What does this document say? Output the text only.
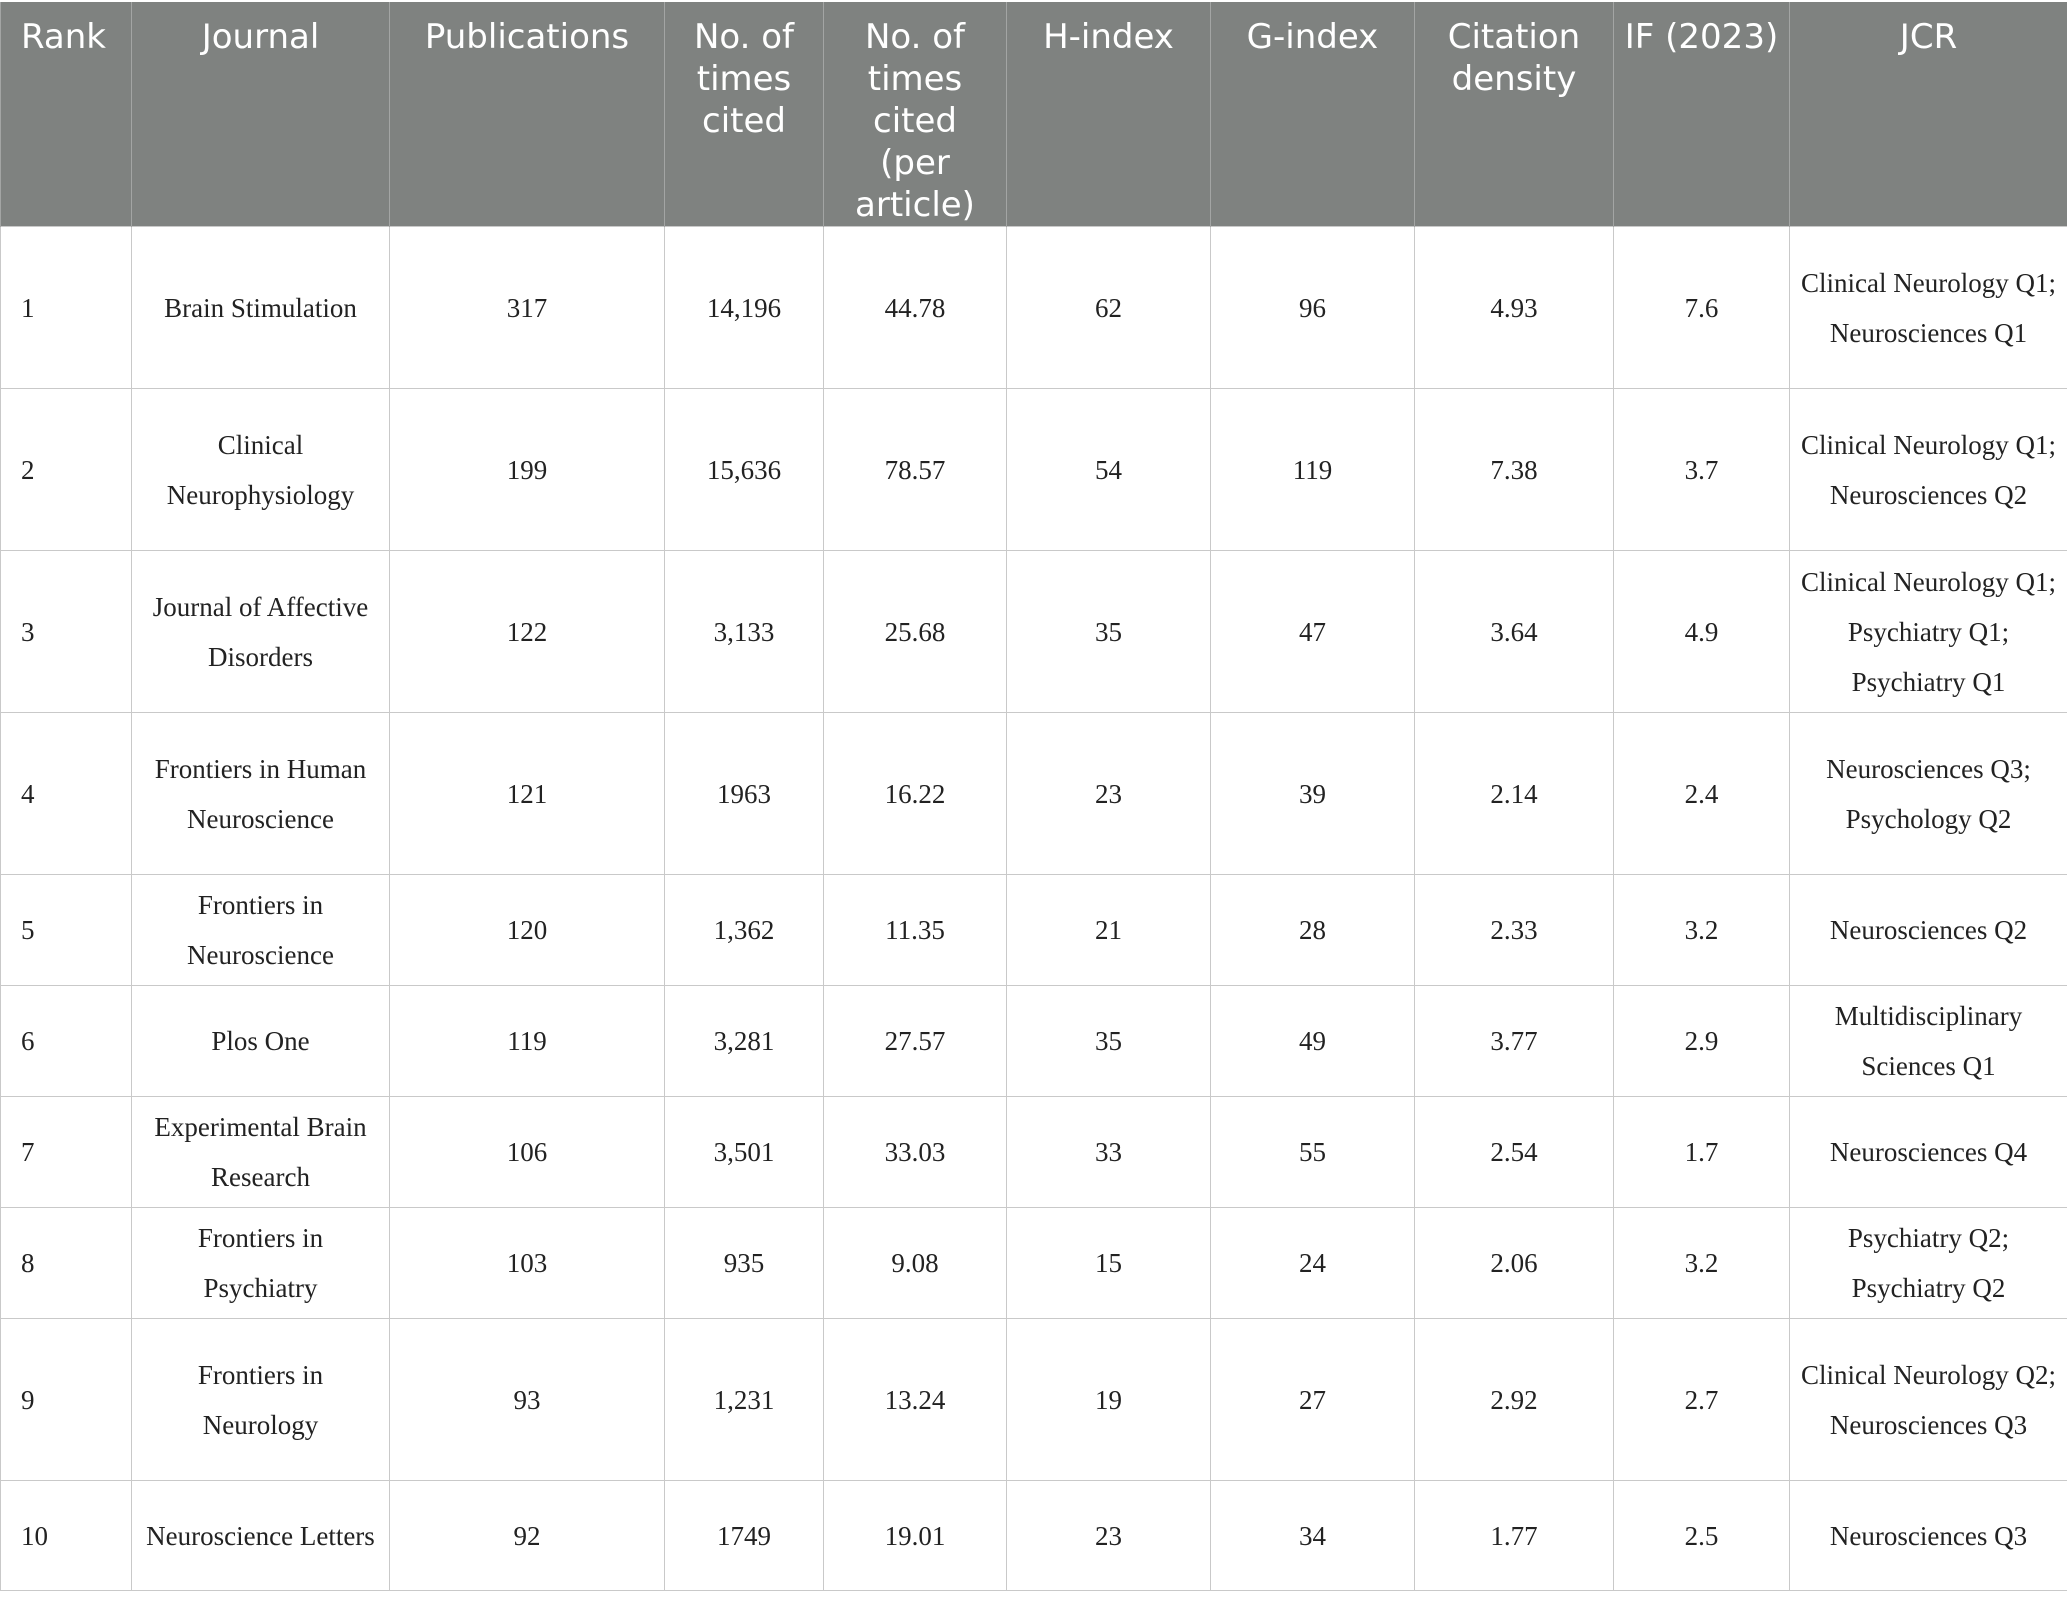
Rank	Journal	Publications	No. of times cited	No. of times cited (per article)	H-index	G-index	Citation density	IF (2023)	JCR
1	Brain Stimulation	317	14,196	44.78	62	96	4.93	7.6	Clinical Neurology Q1; Neurosciences Q1
2	Clinical Neurophysiology	199	15,636	78.57	54	119	7.38	3.7	Clinical Neurology Q1; Neurosciences Q2
3	Journal of Affective Disorders	122	3,133	25.68	35	47	3.64	4.9	Clinical Neurology Q1; Psychiatry Q1; Psychiatry Q1
4	Frontiers in Human Neuroscience	121	1963	16.22	23	39	2.14	2.4	Neurosciences Q3; Psychology Q2
5	Frontiers in Neuroscience	120	1,362	11.35	21	28	2.33	3.2	Neurosciences Q2
6	Plos One	119	3,281	27.57	35	49	3.77	2.9	Multidisciplinary Sciences Q1
7	Experimental Brain Research	106	3,501	33.03	33	55	2.54	1.7	Neurosciences Q4
8	Frontiers in Psychiatry	103	935	9.08	15	24	2.06	3.2	Psychiatry Q2; Psychiatry Q2
9	Frontiers in Neurology	93	1,231	13.24	19	27	2.92	2.7	Clinical Neurology Q2; Neurosciences Q3
10	Neuroscience Letters	92	1749	19.01	23	34	1.77	2.5	Neurosciences Q3
